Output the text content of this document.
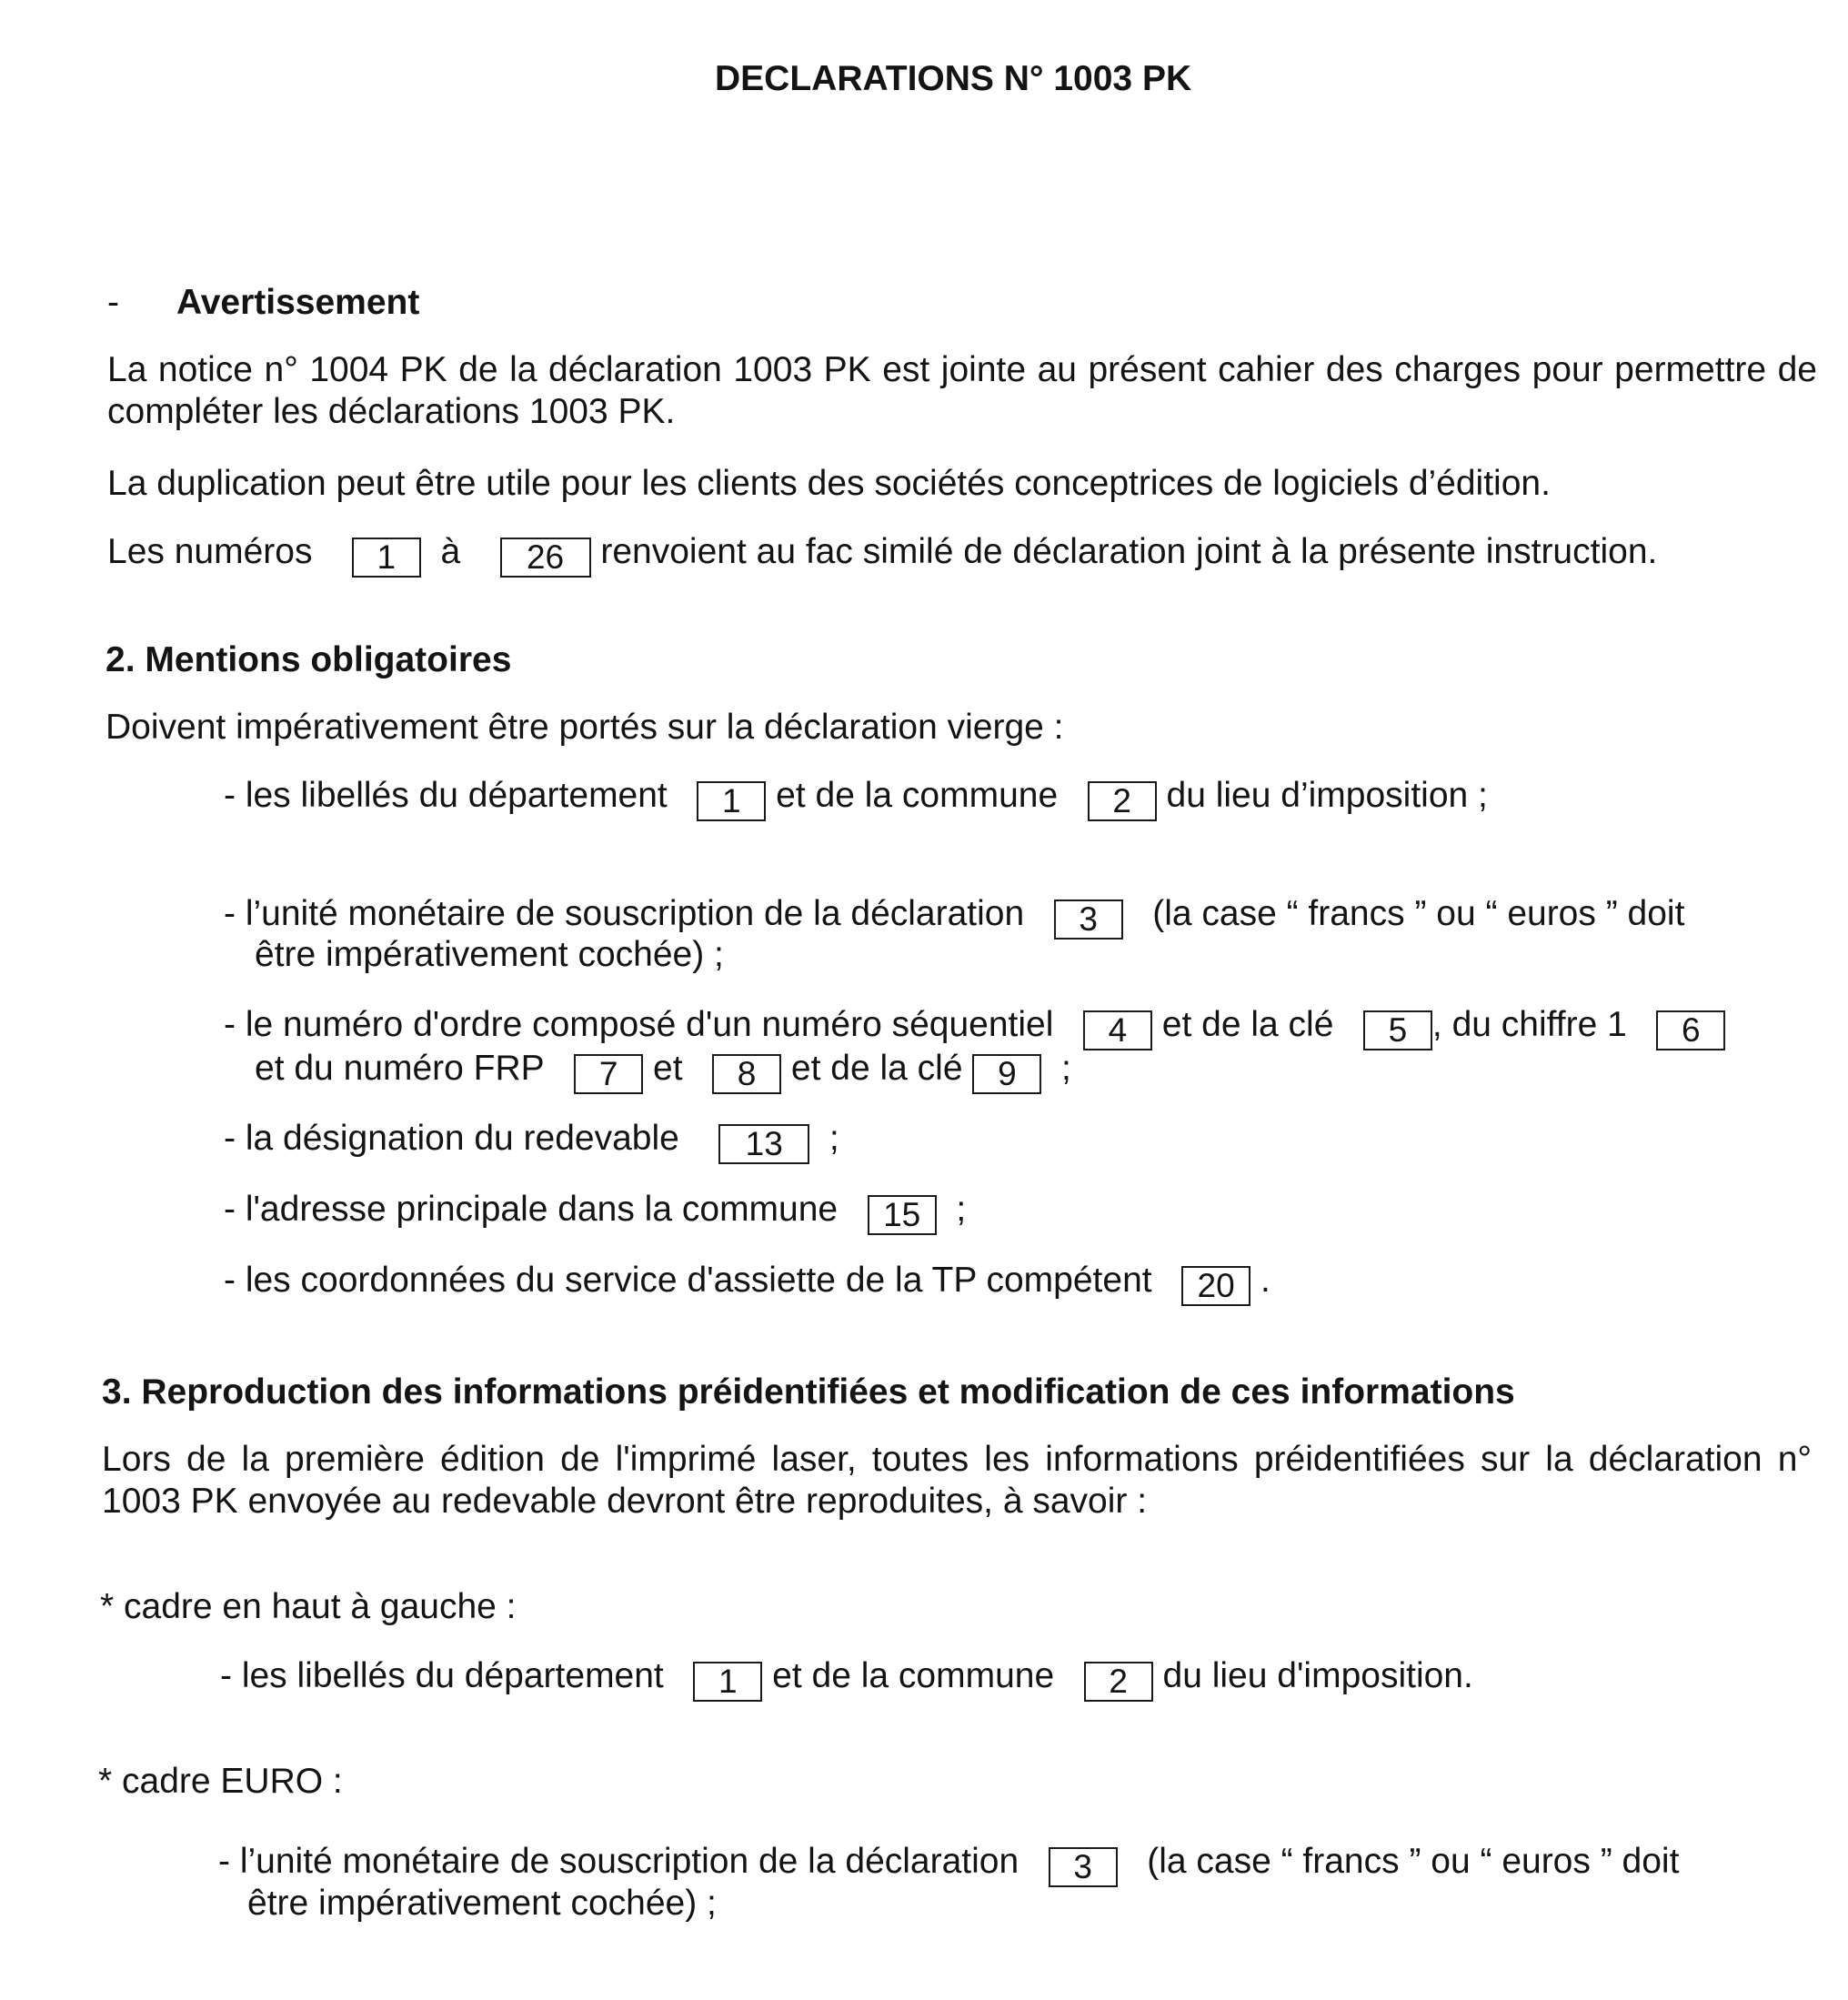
DECLARATIONS N° 1003 PK
- Avertissement
La notice n° 1004 PK de la déclaration 1003 PK est jointe au présent cahier des charges pour permettre de compléter les déclarations 1003 PK.
La duplication peut être utile pour les clients des sociétés conceptrices de logiciels d’édition.
Les numéros 1 à 26 renvoient au fac similé de déclaration joint à la présente instruction.
2. Mentions obligatoires
Doivent impérativement être portés sur la déclaration vierge :
- les libellés du département 1 et de la commune 2 du lieu d’imposition ;
- l’unité monétaire de souscription de la déclaration 3 (la case “ francs ” ou “ euros ” doit
être impérativement cochée) ;
- le numéro d'ordre composé d'un numéro séquentiel 4 et de la clé 5 , du chiffre 1 6
et du numéro FRP 7 et 8 et de la clé 9 ;
- la désignation du redevable 13 ;
- l'adresse principale dans la commune 15 ;
- les coordonnées du service d'assiette de la TP compétent 20 .
3. Reproduction des informations préidentifiées et modification de ces informations
Lors de la première édition de l'imprimé laser, toutes les informations préidentifiées sur la déclaration n° 1003 PK envoyée au redevable devront être reproduites, à savoir :
* cadre en haut à gauche :
- les libellés du département 1 et de la commune 2 du lieu d'imposition.
* cadre EURO :
- l’unité monétaire de souscription de la déclaration 3 (la case “ francs ” ou “ euros ” doit
être impérativement cochée) ;
